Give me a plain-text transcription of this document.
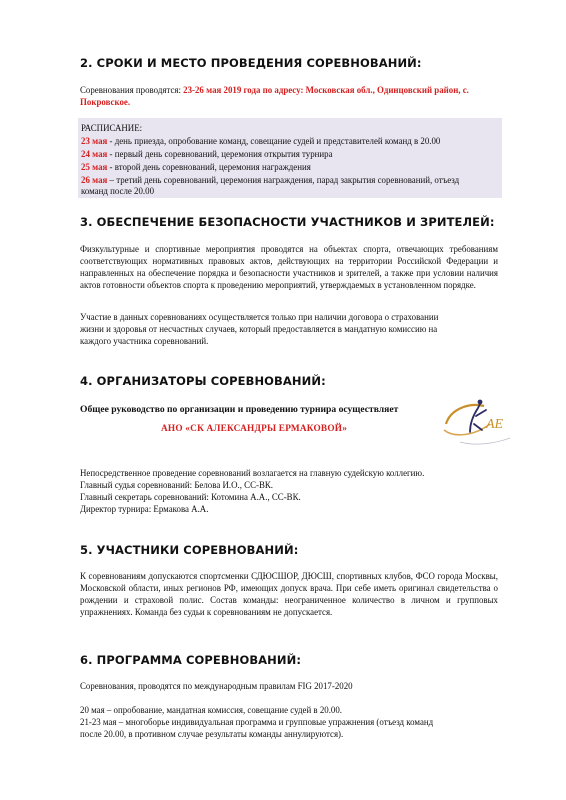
2. СРОКИ И МЕСТО ПРОВЕДЕНИЯ СОРЕВНОВАНИЙ:
Соревнования проводятся: 23-26 мая 2019 года по адресу: Московская обл., Одинцовский район, с.
Покровское.
РАСПИСАНИЕ:
23 мая - день приезда, опробование команд, совещание судей и представителей команд в 20.00
24 мая - первый день соревнований, церемония открытия турнира
25 мая - второй день соревнований, церемония награждения
26 мая – третий день соревнований, церемония награждения, парад закрытия соревнований, отъезд
команд после 20.00
3. ОБЕСПЕЧЕНИЕ БЕЗОПАСНОСТИ УЧАСТНИКОВ И ЗРИТЕЛЕЙ:
Физкультурные и спортивные мероприятия проводятся на объектах спорта, отвечающих требованиям соответствующих нормативных правовых актов, действующих на территории Российской Федерации и направленных на обеспечение порядка и безопасности участников и зрителей, а также при условии наличия актов готовности объектов спорта к проведению мероприятий, утверждаемых в установленном порядке.
Участие в данных соревнованиях осуществляется только при наличии договора о страховании
жизни и здоровья от несчастных случаев, который предоставляется в мандатную комиссию на
каждого участника соревнований.
4. ОРГАНИЗАТОРЫ СОРЕВНОВАНИЙ:
Общее руководство по организации и проведению турнира осуществляет
АНО «СК АЛЕКСАНДРЫ ЕРМАКОВОЙ»	AE
Непосредственное проведение соревнований возлагается на главную судейскую коллегию.
Главный судья соревнований: Белова И.О., СС-ВК.
Главный секретарь соревнований: Котомина А.А., СС-ВК.
Директор турнира: Ермакова А.А.
5. УЧАСТНИКИ СОРЕВНОВАНИЙ:
К соревнованиям допускаются спортсменки СДЮСШОР, ДЮСШ, спортивных клубов, ФСО города Москвы, Московской области, иных регионов РФ, имеющих допуск врача. При себе иметь оригинал свидетельства о рождении и страховой полис. Состав команды: неограниченное количество в личном и групповых упражнениях. Команда без судьи к соревнованиям не допускается.
6. ПРОГРАММА СОРЕВНОВАНИЙ:
Соревнования, проводятся по международным правилам FIG 2017-2020
20 мая – опробование, мандатная комиссия, совещание судей в 20.00.
21-23 мая – многоборье индивидуальная программа и групповые упражнения (отъезд команд
после 20.00, в противном случае результаты команды аннулируются).
